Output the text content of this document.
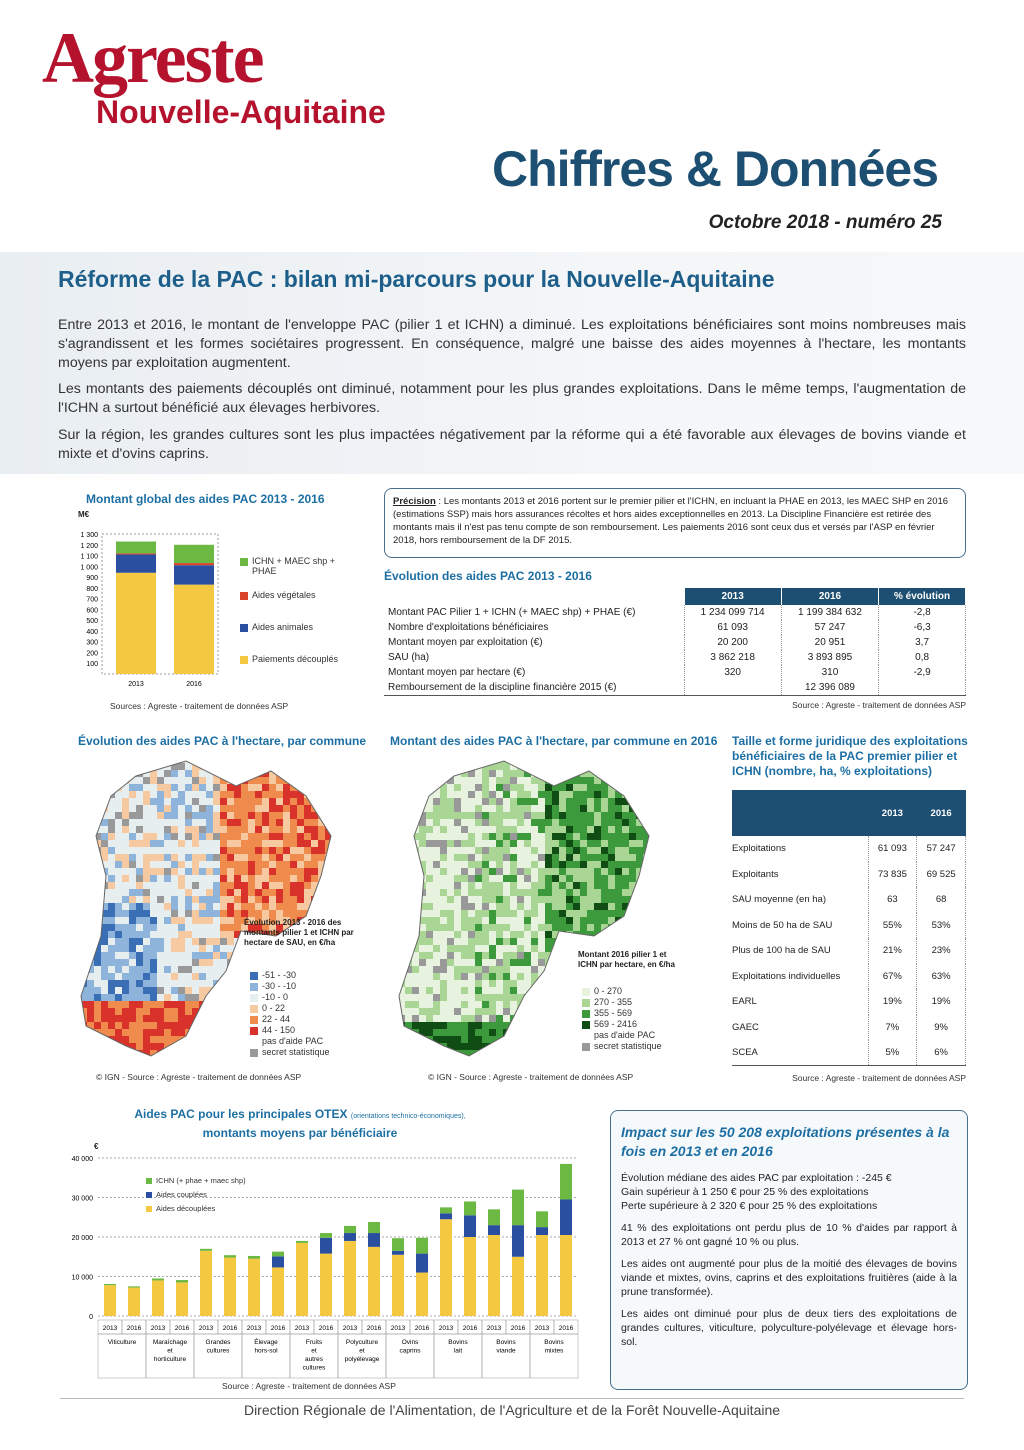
Agreste
Nouvelle-Aquitaine
Chiffres & Données
Octobre 2018 - numéro 25
Réforme de la PAC : bilan mi-parcours pour la Nouvelle-Aquitaine

Entre 2013 et 2016, le montant de l'enveloppe PAC (pilier 1 et ICHN) a diminué. Les exploitations bénéficiaires sont moins nombreuses mais s'agrandissent et les formes sociétaires progressent. En conséquence, malgré une baisse des aides moyennes à l'hectare, les montants moyens par exploitation augmentent.

Les montants des paiements découplés ont diminué, notamment pour les plus grandes exploitations. Dans le même temps, l'augmentation de l'ICHN a surtout bénéficié aux élevages herbivores.

Sur la région, les grandes cultures sont les plus impactées négativement par la réforme qui a été favorable aux élevages de bovins viande et mixte et d'ovins caprins.

Montant global des aides PAC 2013 - 2016
M€
100
200
300
400
500
600
700
800
900
1 000
1 100
1 200
1 300
2013	2016
ICHN + MAEC shp + PHAE
Aides végétales
Aides animales
Paiements découplés
Sources : Agreste - traitement de données ASP
Précision : Les montants 2013 et 2016 portent sur le premier pilier et l'ICHN, en incluant la PHAE en 2013, les MAEC SHP en 2016 (estimations SSP) mais hors assurances récoltes et hors aides exceptionnelles en 2013. La Discipline Financière est retirée des montants mais il n'est pas tenu compte de son remboursement. Les paiements 2016 sont ceux dus et versés par l'ASP en février 2018, hors remboursement de la DF 2015.
Évolution des aides PAC 2013 - 2016
	2013	2016	% évolution
Montant PAC Pilier 1 + ICHN (+ MAEC shp) + PHAE (€)	1 234 099 714	1 199 384 632	-2,8
Nombre d'exploitations bénéficiaires	61 093	57 247	-6,3
Montant moyen par exploitation (€)	20 200	20 951	3,7
SAU (ha)	3 862 218	3 893 895	0,8
Montant moyen par hectare (€)	320	310	-2,9
Remboursement de la discipline financière 2015 (€)		12 396 089	
Source : Agreste - traitement de données ASP
Évolution des aides PAC à l'hectare, par commune
Évolution 2013 - 2016 des montants pilier 1 et ICHN par hectare de SAU, en €/ha
-51 - -30
-30 - -10
-10 - 0
0 - 22
22 - 44
44 - 150
pas d'aide PAC
secret statistique
© IGN - Source : Agreste - traitement de données ASP
Montant des aides PAC à l'hectare, par commune en 2016
Montant 2016 pilier 1 et ICHN par hectare, en €/ha
0 - 270
270 - 355
355 - 569
569 - 2416
pas d'aide PAC
secret statistique
© IGN - Source : Agreste - traitement de données ASP
Taille et forme juridique des exploitations bénéficiaires de la PAC premier pilier et ICHN (nombre, ha, % exploitations)
	2013	2016
Exploitations	61 093	57 247
Exploitants	73 835	69 525
SAU moyenne (en ha)	63	68
Moins de 50 ha de SAU	55%	53%
Plus de 100 ha de SAU	21%	23%
Exploitations individuelles	67%	63%
EARL	19%	19%
GAEC	7%	9%
SCEA	5%	6%
Source : Agreste - traitement de données ASP
Aides PAC pour les principales OTEX (orientations technico-économiques),
montants moyens par bénéficiaire
€
0
10 000
20 000
30 000
40 000
2013 2016 2013 2016 2013 2016 2013 2016 2013 2016 2013 2016 2013 2016 2013 2016 2013 2016 2013 2016
Viticulture	Maraîchage
et
horticulture
Grandes
cultures
Élevage
hors-sol
Fruits
et
autres
cultures
Polyculture
et
polyélevage
Ovins
caprins
Bovins
lait
Bovins
viande
Bovins
mixtes
ICHN (+ phae + maec shp)
Aides couplées
Aides découplées
Source : Agreste - traitement de données ASP
Impact sur les 50 208 exploitations présentes à la fois en 2013 et en 2016

Évolution médiane des aides PAC par exploitation : -245 €
Gain supérieur à 1 250 € pour 25 % des exploitations
Perte supérieure à 2 320 € pour 25 % des exploitations

41 % des exploitations ont perdu plus de 10 % d'aides par rapport à 2013 et 27 % ont gagné 10 % ou plus.

Les aides ont augmenté pour plus de la moitié des élevages de bovins viande et mixtes, ovins, caprins et des exploitations fruitières (aide à la prune transformée).

Les aides ont diminué pour plus de deux tiers des exploitations de grandes cultures, viticulture, polyculture-polyélevage et élevage hors-sol.

Direction Régionale de l'Alimentation, de l'Agriculture et de la Forêt Nouvelle-Aquitaine
